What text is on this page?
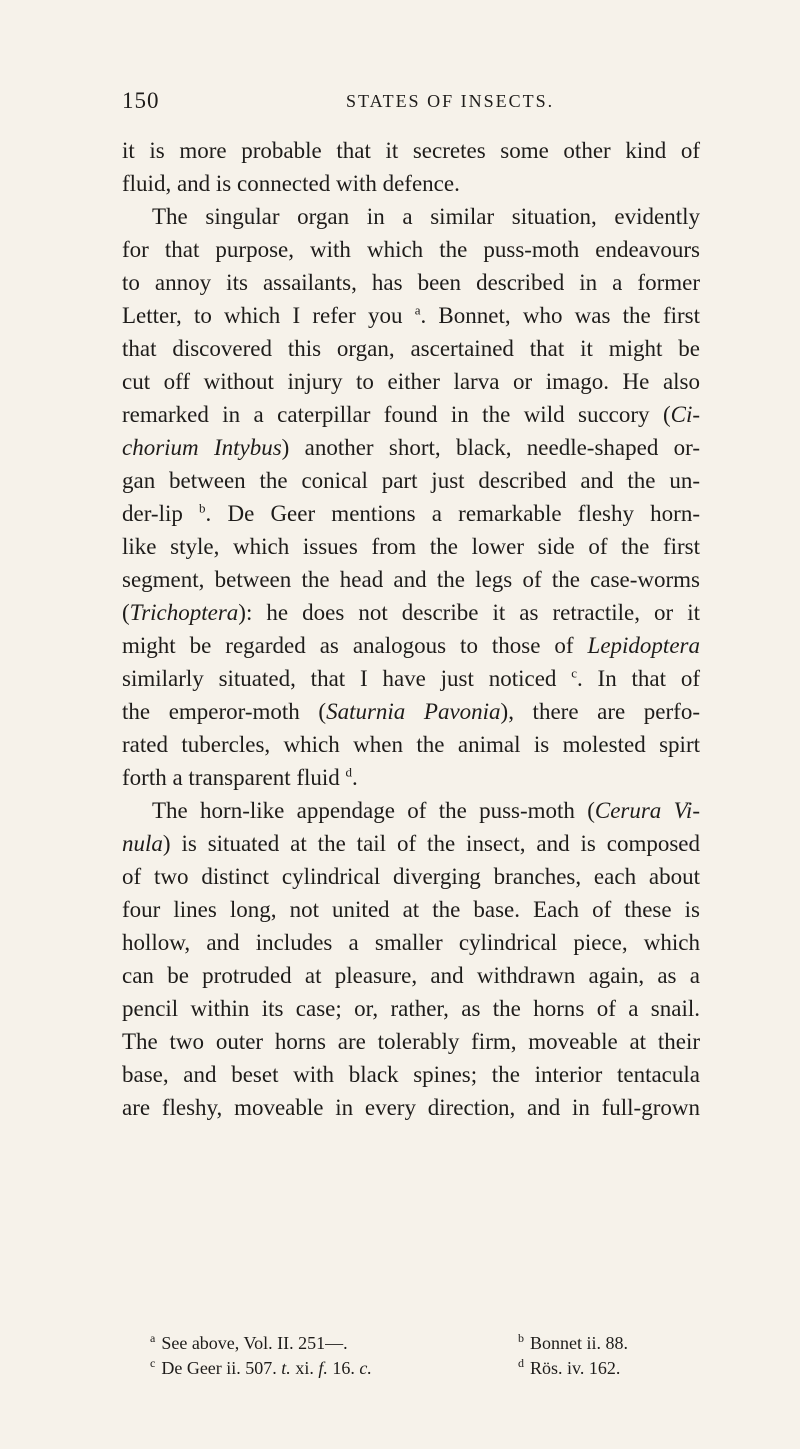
150	STATES OF INSECTS.
it is more probable that it secretes some other kind of
fluid, and is connected with defence.
The singular organ in a similar situation, evidently
for that purpose, with which the puss-moth endeavours
to annoy its assailants, has been described in a former
Letter, to which I refer you $^a$. Bonnet, who was the first
that discovered this organ, ascertained that it might be
cut off without injury to either larva or imago. He also
remarked in a caterpillar found in the wild succory (Ci-
chorium Intybus) another short, black, needle-shaped or-
gan between the conical part just described and the un-
der-lip $^b$. De Geer mentions a remarkable fleshy horn-
like style, which issues from the lower side of the first
segment, between the head and the legs of the case-worms
(Trichoptera): he does not describe it as retractile, or it
might be regarded as analogous to those of Lepidoptera
similarly situated, that I have just noticed $^c$. In that of
the emperor-moth (Saturnia Pavonia), there are perfo-
rated tubercles, which when the animal is molested spirt
forth a transparent fluid $^d$.
The horn-like appendage of the puss-moth (Cerura Vi-
nula) is situated at the tail of the insect, and is composed
of two distinct cylindrical diverging branches, each about
four lines long, not united at the base. Each of these is
hollow, and includes a smaller cylindrical piece, which
can be protruded at pleasure, and withdrawn again, as a
pencil within its case; or, rather, as the horns of a snail.
The two outer horns are tolerably firm, moveable at their
base, and beset with black spines; the interior tentacula
are fleshy, moveable in every direction, and in full-grown
$^a$ See above, Vol. II. 251—.	$^b$ Bonnet ii. 88.
$^c$ De Geer ii. 507. t. xi. f. 16. c.	$^d$ Rös. iv. 162.
